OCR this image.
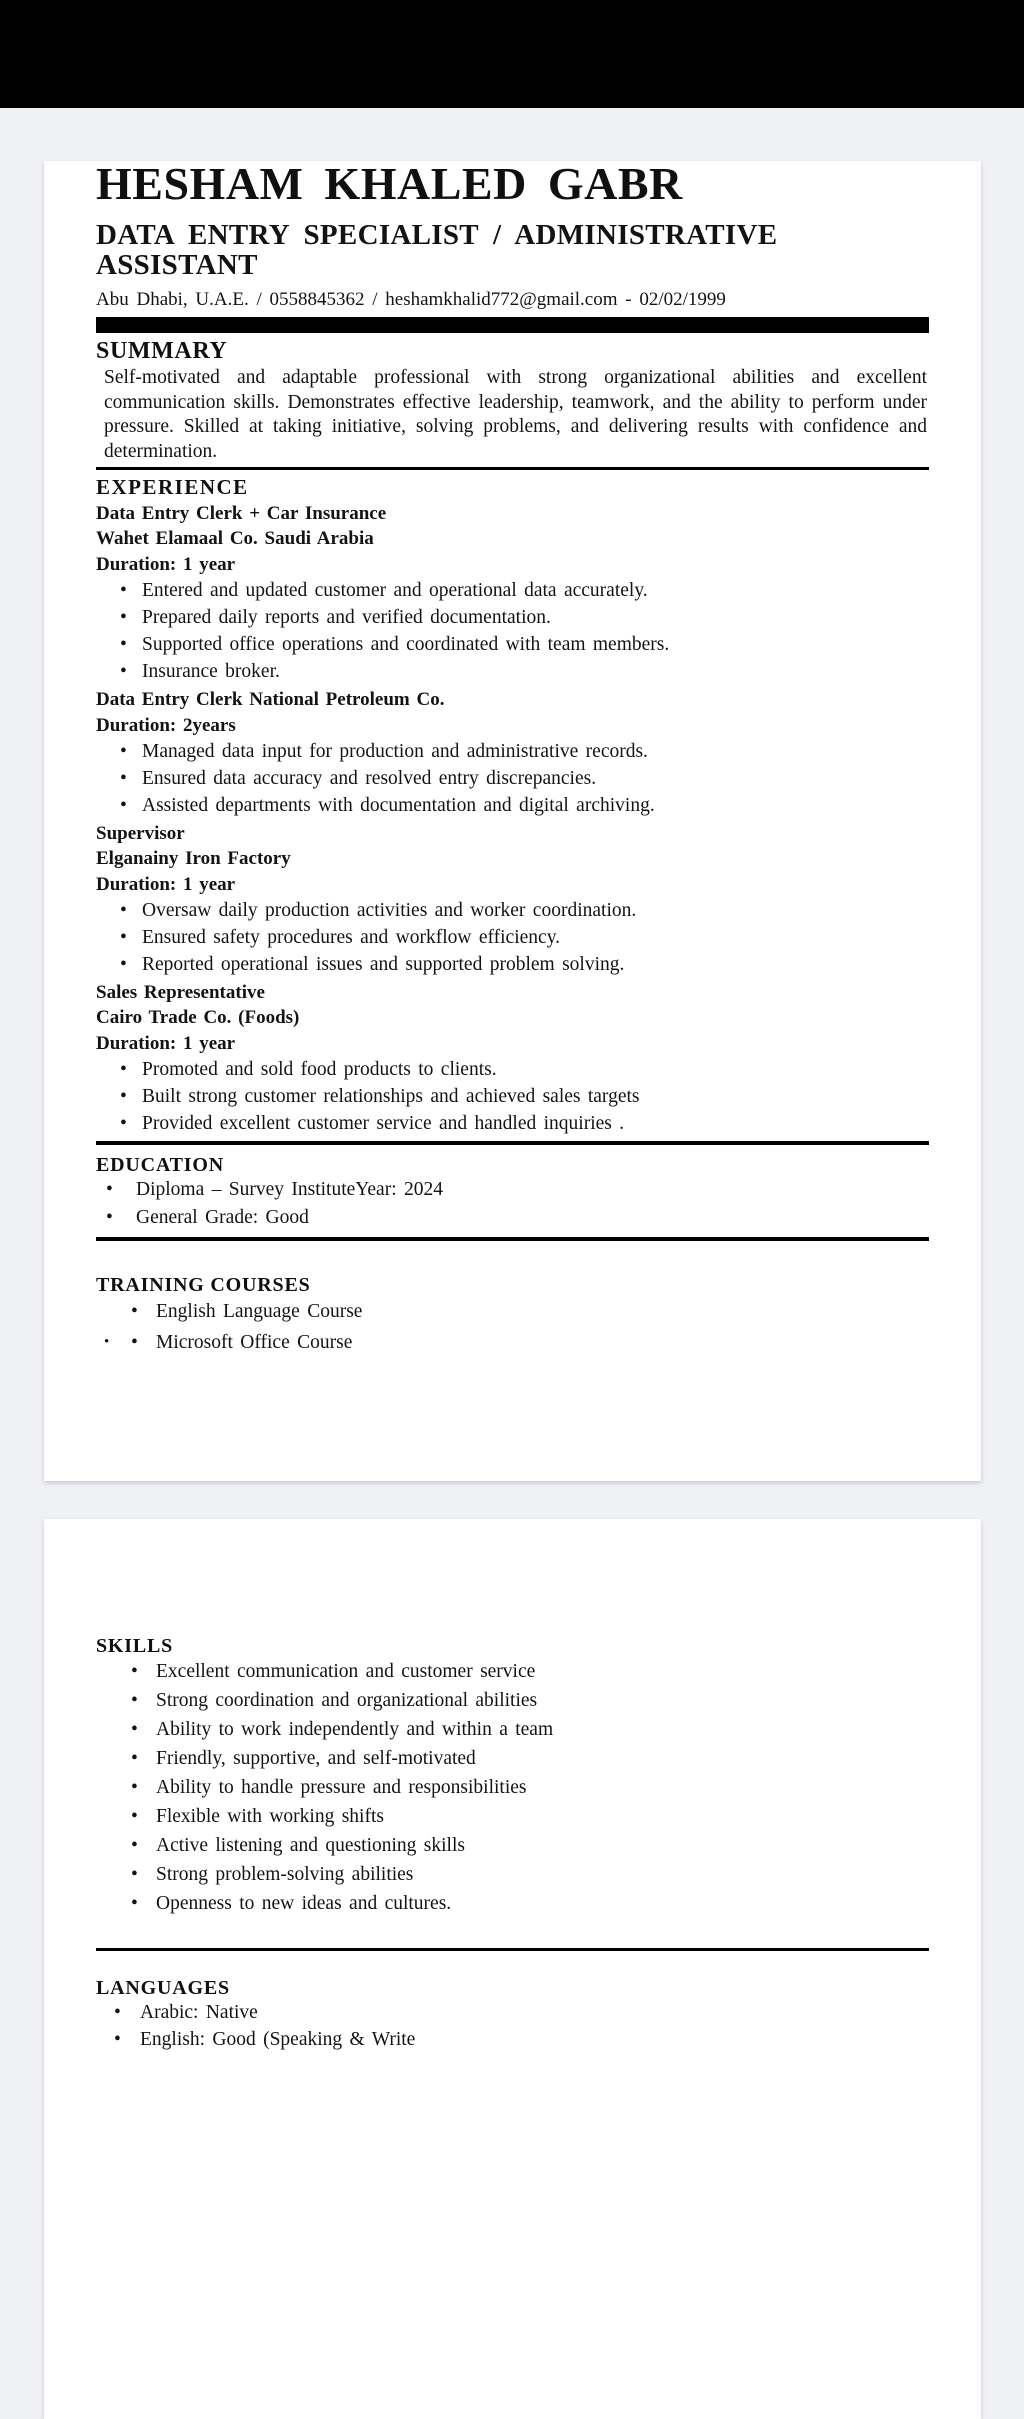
HESHAM KHALED GABR
DATA ENTRY SPECIALIST / ADMINISTRATIVE ASSISTANT
Abu Dhabi, U.A.E. / 0558845362 / heshamkhalid772@gmail.com - 02/02/1999
SUMMARY

Self-motivated and adaptable professional with strong organizational abilities and excellent communication skills. Demonstrates effective leadership, teamwork, and the ability to perform under pressure. Skilled at taking initiative, solving problems, and delivering results with confidence and determination.

EXPERIENCE
Data Entry Clerk + Car Insurance
Wahet Elamaal Co. Saudi Arabia
Duration: 1 year
• Entered and updated customer and operational data accurately.
• Prepared daily reports and verified documentation.
• Supported office operations and coordinated with team members.
• Insurance broker.
Data Entry Clerk National Petroleum Co.
Duration: 2years
• Managed data input for production and administrative records.
• Ensured data accuracy and resolved entry discrepancies.
• Assisted departments with documentation and digital archiving.
Supervisor
Elganainy Iron Factory
Duration: 1 year
• Oversaw daily production activities and worker coordination.
• Ensured safety procedures and workflow efficiency.
• Reported operational issues and supported problem solving.
Sales Representative
Cairo Trade Co. (Foods)
Duration: 1 year
• Promoted and sold food products to clients.
• Built strong customer relationships and achieved sales targets
• Provided excellent customer service and handled inquiries .
EDUCATION
• Diploma – Survey InstituteYear: 2024
• General Grade: Good
TRAINING COURSES
• English Language Course
• • Microsoft Office Course
SKILLS
• Excellent communication and customer service
• Strong coordination and organizational abilities
• Ability to work independently and within a team
• Friendly, supportive, and self-motivated
• Ability to handle pressure and responsibilities
• Flexible with working shifts
• Active listening and questioning skills
• Strong problem-solving abilities
• Openness to new ideas and cultures.
LANGUAGES
• Arabic: Native
• English: Good (Speaking & Write
